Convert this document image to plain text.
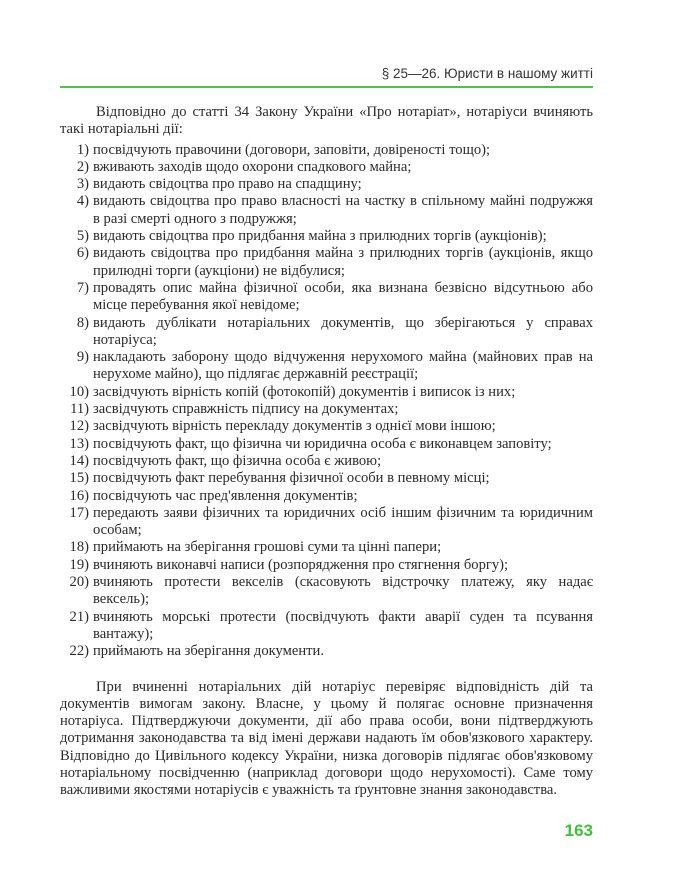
§ 25—26. Юристи в нашому житті

Відповідно до статті 34 Закону України «Про нотаріат», нотаріуси вчиняють такі нотаріальні дії:

1) посвідчують правочини (договори, заповіти, довіреності тощо);
2) вживають заходів щодо охорони спадкового майна;
3) видають свідоцтва про право на спадщину;
4) видають свідоцтва про право власності на частку в спільному майні подружжя в разі смерті одного з подружжя;
5) видають свідоцтва про придбання майна з прилюдних торгів (аукціонів);
6) видають свідоцтва про придбання майна з прилюдних торгів (аукціонів, якщо прилюдні торги (аукціони) не відбулися;
7) провадять опис майна фізичної особи, яка визнана безвісно відсутньою або місце перебування якої невідоме;
8) видають дублікати нотаріальних документів, що зберігаються у справах нотаріуса;
9) накладають заборону щодо відчуження нерухомого майна (майнових прав на нерухоме майно), що підлягає державній реєстрації;
10) засвідчують вірність копій (фотокопій) документів і виписок із них;
11) засвідчують справжність підпису на документах;
12) засвідчують вірність перекладу документів з однієї мови іншою;
13) посвідчують факт, що фізична чи юридична особа є виконавцем заповіту;
14) посвідчують факт, що фізична особа є живою;
15) посвідчують факт перебування фізичної особи в певному місці;
16) посвідчують час пред'явлення документів;
17) передають заяви фізичних та юридичних осіб іншим фізичним та юридичним особам;
18) приймають на зберігання грошові суми та цінні папери;
19) вчиняють виконавчі написи (розпорядження про стягнення боргу);
20) вчиняють протести векселів (скасовують відстрочку платежу, яку надає вексель);
21) вчиняють морські протести (посвідчують факти аварії суден та псування вантажу);
22) приймають на зберігання документи.

При вчиненні нотаріальних дій нотаріус перевіряє відповідність дій та документів вимогам закону. Власне, у цьому й полягає основне призначення нотаріуса. Підтверджуючи документи, дії або права особи, вони підтверджують дотримання законодавства та від імені держави надають їм обов'язкового характеру. Відповідно до Цивільного кодексу України, низка договорів підлягає обов'язковому нотаріальному посвідченню (наприклад договори щодо нерухомості). Саме тому важливими якостями нотаріусів є уважність та ґрунтовне знання законодавства.

163
